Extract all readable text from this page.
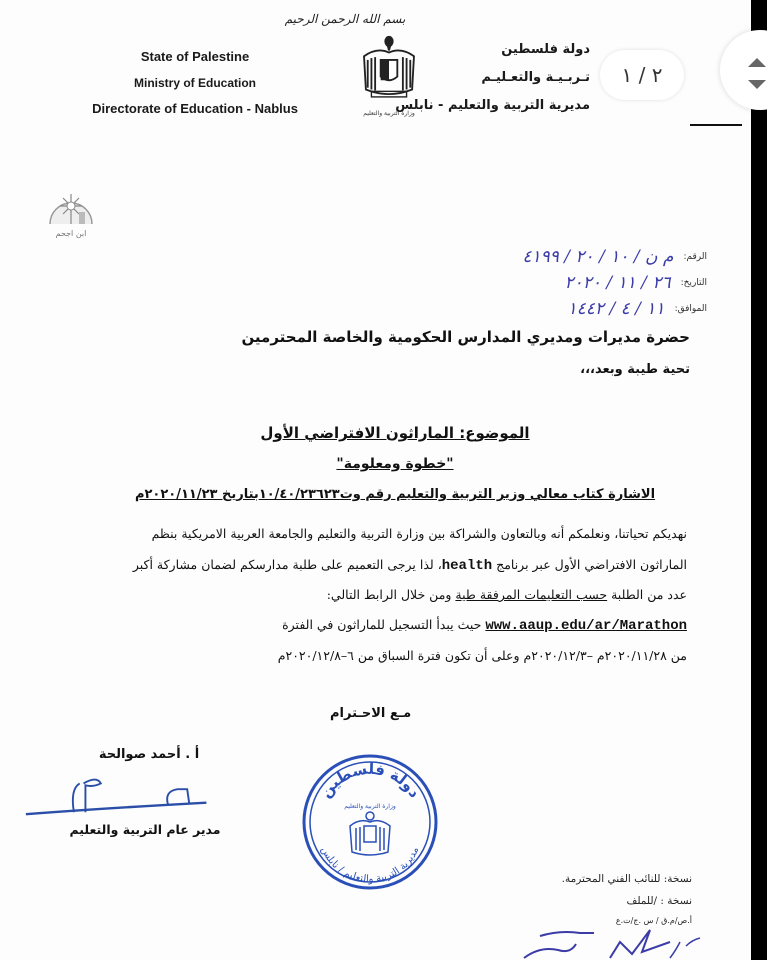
بسم الله الرحمن الرحيم
State of Palestine
Ministry of Education
Directorate of Education - Nablus	وزارة التربية والتعليم
دولة فلسطين
تـربـيـة والتعـليـم
مديرية التربية والتعليم - نابلس
٢ / ١
ابن اجحم
الرقم:
م ن / ١٠ / ٢٠ / ٤١٩٩
التاريخ:
٢٦ / ١١ / ٢٠٢٠
الموافق:
١١ / ٤ / ١٤٤٢
حضرة مديرات ومديري المدارس الحكومية والخاصة المحترمين
تحية طيبة وبعد،،،
الموضوع: الماراثون الافتراضي الأول
"خطوة ومعلومة"
الاشارة كتاب معالي وزير التربية والتعليم رقم وت١٠/٤٠/٢٣٦٢٣بتاريخ ٢٠٢٠/١١/٢٣م
نهديكم تحياتنا، ونعلمكم أنه وبالتعاون والشراكة بين وزارة التربية والتعليم والجامعة العربية الامريكية بنظم
الماراثون الافتراضي الأول عبر برنامج health، لذا يرجى التعميم على طلبة مدارسكم لضمان مشاركة أكبر
عدد من الطلبة حسب التعليمات المرفقة طية ومن خلال الرابط التالي:
www.aaup.edu/ar/Marathon حيث يبدأ التسجيل للماراثون في الفترة
من ٢٠٢٠/١١/٢٨م –٢٠٢٠/١٢/٣م وعلى أن تكون فترة السباق من ٦–٢٠٢٠/١٢/٨م
مـع الاحـترام
أ . أحمد صوالحة
مدير عام التربية والتعليم
دولة فلسطين
مديرية التربية والتعليم / نابلس
وزارة التربية والتعليم
نسخة: للنائب الفني المحترمة.
نسخة : /للملف
أ.ص/م.ق / س .ج/ت.ع
